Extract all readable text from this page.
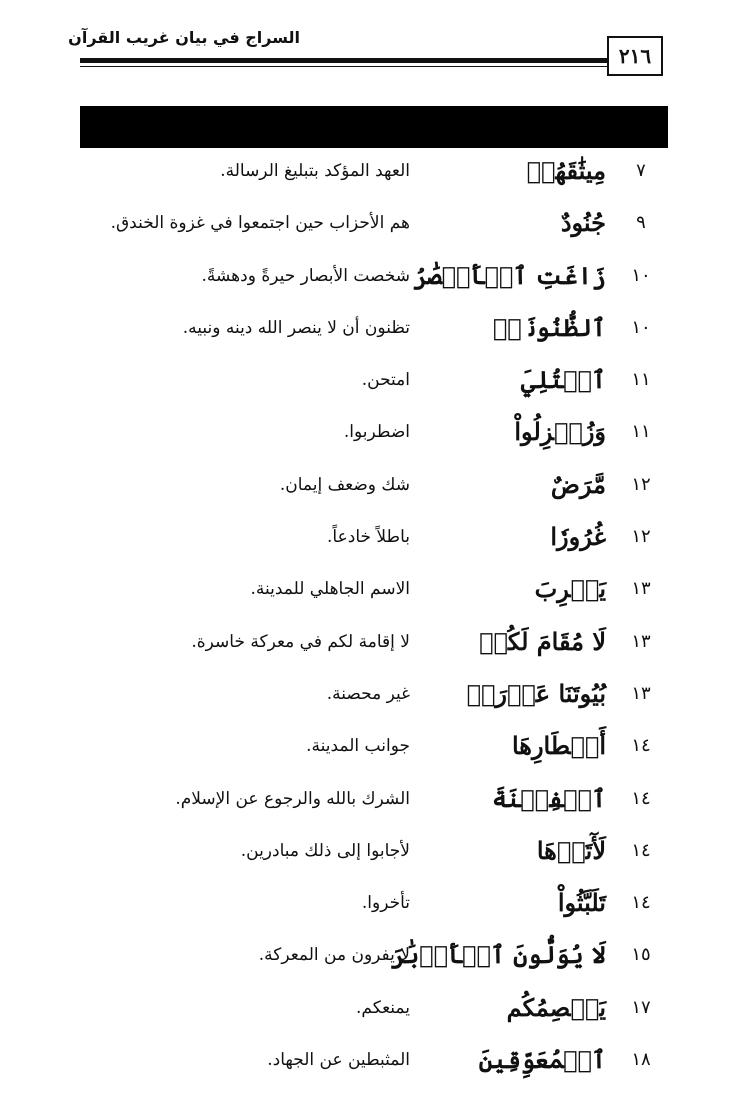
٢١٦
السراج في بيان غريب القرآن
٧
مِيثَٰقَهُمۡ
العهد المؤكد بتبليغ الرسالة.
٩
جُنُودٌ
هم الأحزاب حين اجتمعوا في غزوة الخندق.
١٠
زَاغَتِ ٱلۡأَبۡصَٰرُ
شخصت الأبصار حيرةً ودهشةً.
١٠
ٱلظُّنُونَا۠
تظنون أن لا ينصر الله دينه ونبيه.
١١
ٱبۡتُلِيَ
امتحن.
١١
وَزُلۡزِلُواْ
اضطربوا.
١٢
مَّرَضٌ
شك وضعف إيمان.
١٢
غُرُورٗا
باطلاً خادعاً.
١٣
يَثۡرِبَ
الاسم الجاهلي للمدينة.
١٣
لَا مُقَامَ لَكُمۡ
لا إقامة لكم في معركة خاسرة.
١٣
بُيُوتَنَا عَوۡرَةٞ
غير محصنة.
١٤
أَقۡطَارِهَا
جوانب المدينة.
١٤
ٱلۡفِتۡنَةَ
الشرك بالله والرجوع عن الإسلام.
١٤
لَأٓتَوۡهَا
لأجابوا إلى ذلك مبادرين.
١٤
تَلَبَّثُواْ
تأخروا.
١٥
لَا يُوَلُّونَ ٱلۡأَدۡبَٰرَ
لا يفرون من المعركة.
١٧
يَعۡصِمُكُم
يمنعكم.
١٨
ٱلۡمُعَوِّقِينَ
المثبطين عن الجهاد.
